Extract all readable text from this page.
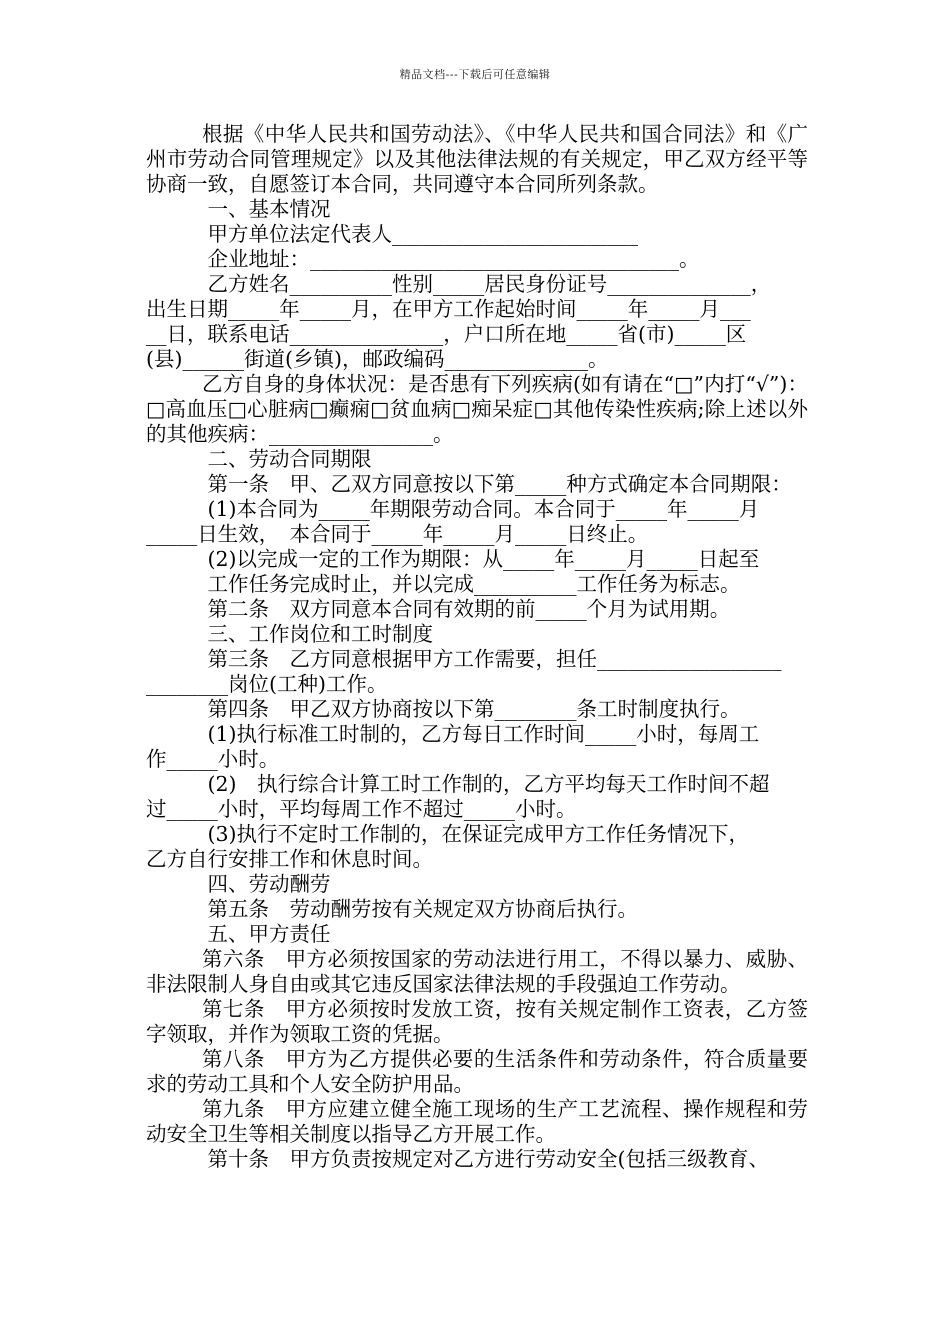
精品文档---下载后可任意编辑
根据《中华人民共和国劳动法》、《中华人民共和国合同法》和《广州市劳动合同管理规定》以及其他法律法规的有关规定，甲乙双方经平等协商一致，自愿签订本合同，共同遵守本合同所列条款。
　　　一、基本情况
　　　甲方单位法定代表人________________________
　　　企业地址：____________________________________。
　　　乙方姓名__________性别_____居民身份证号______________，
出生日期_____年_____月，在甲方工作起始时间_____年_____月___
__日，联系电话_______________，户口所在地_____省(市)_____区
(县)______街道(乡镇)，邮政编码______________。
乙方自身的身体状况：是否患有下列疾病(如有请在“□”内打“√”)：□高血压□心脏病□癫痫□贫血病□痴呆症□其他传染性疾病;除上述以外的其他疾病：________________。
　　　二、劳动合同期限
　　　第一条　甲、乙双方同意按以下第_____种方式确定本合同期限：
　　　(1)本合同为_____年期限劳动合同。本合同于_____年_____月
_____日生效，　本合同于_____年_____月_____日终止。
　　　(2)以完成一定的工作为期限：从_____年_____月_____日起至
　　　工作任务完成时止，并以完成__________工作任务为标志。
　　　第二条　双方同意本合同有效期的前_____个月为试用期。
　　　三、工作岗位和工时制度
　　　第三条　乙方同意根据甲方工作需要，担任__________________
________岗位(工种)工作。
　　　第四条　甲乙双方协商按以下第________条工时制度执行。
　　　(1)执行标准工时制的，乙方每日工作时间_____小时，每周工
作_____小时。
　　　(2)　执行综合计算工时工作制的，乙方平均每天工作时间不超
过_____小时，平均每周工作不超过_____小时。
　　　(3)执行不定时工作制的，在保证完成甲方工作任务情况下，
乙方自行安排工作和休息时间。
　　　四、劳动酬劳
　　　第五条　劳动酬劳按有关规定双方协商后执行。
　　　五、甲方责任
第六条　甲方必须按国家的劳动法进行用工，不得以暴力、威胁、非法限制人身自由或其它违反国家法律法规的手段强迫工作劳动。
第七条　甲方必须按时发放工资，按有关规定制作工资表，乙方签字领取，并作为领取工资的凭据。
第八条　甲方为乙方提供必要的生活条件和劳动条件，符合质量要求的劳动工具和个人安全防护用品。
第九条　甲方应建立健全施工现场的生产工艺流程、操作规程和劳动安全卫生等相关制度以指导乙方开展工作。
　　　第十条　甲方负责按规定对乙方进行劳动安全(包括三级教育、
